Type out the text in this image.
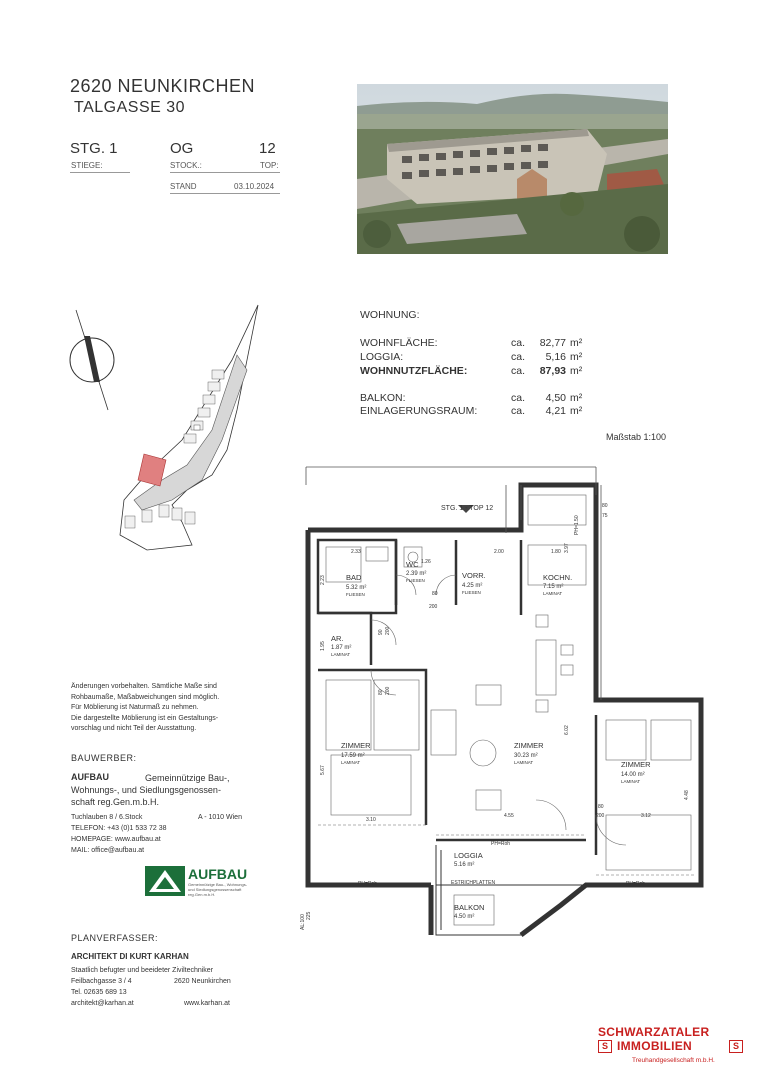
2620 NEUNKIRCHEN
TALGASSE 30
STG. 1
STIEGE:
OG
STOCK.:
12
TOP:
STAND	03.10.2024
WOHNUNG:
WOHNFLÄCHE:	ca.	82,77 m²
LOGGIA:	ca.	5,16 m²
WOHNNUTZFLÄCHE:	ca.	87,93 m²
BALKON:	ca.	4,50 m²
EINLAGERUNGSRAUM:	ca.	4,21 m²
Maßstab 1:100
STG. 1 - TOP 12
BAD
5.32 m²
FLIESEN
WC
2.39 m²
FLIESEN
VORR.
4.25 m²
FLIESEN
KOCHN.
7.15 m²
LAMINAT
AR.
1.87 m²
LAMINAT
ZIMMER
17.59 m²
LAMINAT
ZIMMER
30.23 m²
LAMINAT	ZIMMER
14.00 m²
LAMINAT
LOGGIA
5.16 m²
ESTRICHPLATTEN
BALKON
4.50 m²
2.33
1.26
2.00	1.80
3.10
4.55	3.12
3.97
5.67
6.02
4.48
2.23
1.95
80
200
90 200
80 200
80
200
80
75
AL:100 225
PH=Roh
PH=1.50
PH=Roh	PH=Roh
Änderungen vorbehalten. Sämtliche Maße sind
Rohbaumaße, Maßabweichungen sind möglich.
Für Möblierung ist Naturmaß zu nehmen.
Die dargestellte Möblierung ist ein Gestaltungs-
vorschlag und nicht Teil der Ausstattung.
BAUWERBER:
AUFBAU	Gemeinnützige Bau-,
Wohnungs-, und Siedlungsgenossen-
schaft reg.Gen.m.b.H.
Tuchlauben 8 / 6.Stock	A - 1010 Wien
TELEFON: +43 (0)1 533 72 38
HOMEPAGE: www.aufbau.at
MAIL: office@aufbau.at
AUFBAU
Gemeinnützige Bau-, Wohnungs-
und Siedlungsgenossenschaft
reg.Gen.m.b.H.
PLANVERFASSER:
ARCHITEKT DI KURT KARHAN
Staatlich befugter und beeideter Ziviltechniker
Feilbachgasse 3 / 4	2620 Neunkirchen
Tel. 02635 689 13
architekt@karhan.at	www.karhan.at
SCHWARZATALER
S IMMOBILIEN	S
Treuhandgesellschaft m.b.H.
